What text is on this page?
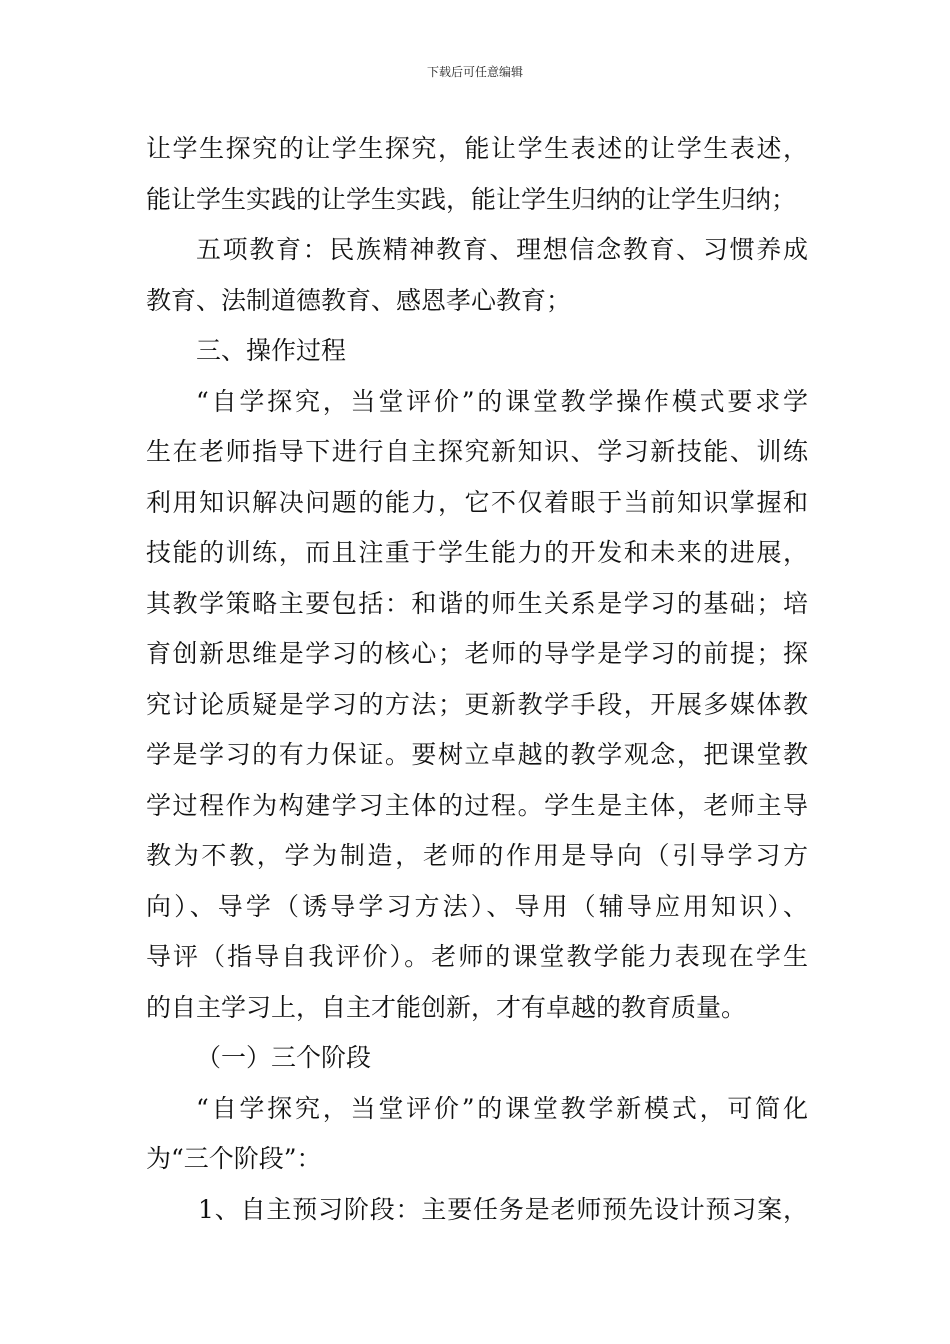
下载后可任意编辑
让学生探究的让学生探究，能让学生表述的让学生表述，
能让学生实践的让学生实践，能让学生归纳的让学生归纳；
五项教育：民族精神教育、理想信念教育、习惯养成
教育、法制道德教育、感恩孝心教育；
三、操作过程
“自学探究，当堂评价”的课堂教学操作模式要求学
生在老师指导下进行自主探究新知识、学习新技能、训练
利用知识解决问题的能力，它不仅着眼于当前知识掌握和
技能的训练，而且注重于学生能力的开发和未来的进展，
其教学策略主要包括：和谐的师生关系是学习的基础；培
育创新思维是学习的核心；老师的导学是学习的前提；探
究讨论质疑是学习的方法；更新教学手段，开展多媒体教
学是学习的有力保证。要树立卓越的教学观念，把课堂教
学过程作为构建学习主体的过程。学生是主体，老师主导
教为不教，学为制造，老师的作用是导向（引导学习方
向）、导学（诱导学习方法）、导用（辅导应用知识）、
导评（指导自我评价）。老师的课堂教学能力表现在学生
的自主学习上，自主才能创新，才有卓越的教育质量。
（一）三个阶段
“自学探究，当堂评价”的课堂教学新模式，可简化
为“三个阶段”：
1、自主预习阶段：主要任务是老师预先设计预习案，
